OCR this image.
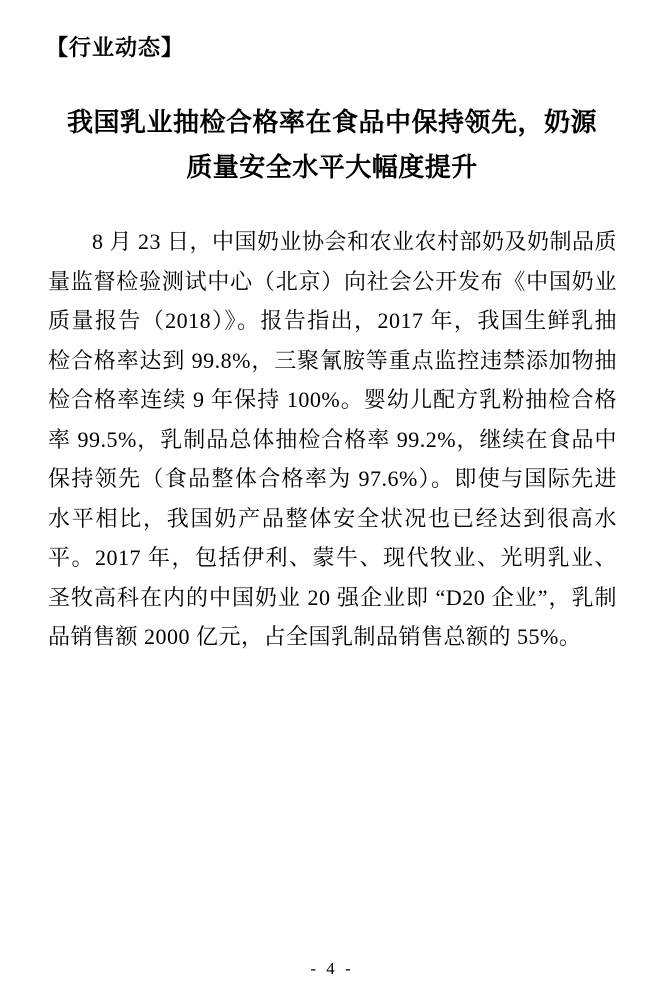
【行业动态】
我国乳业抽检合格率在食品中保持领先，奶源
质量安全水平大幅度提升

8 月 23 日，中国奶业协会和农业农村部奶及奶制品质量监督检验测试中心（北京）向社会公开发布《中国奶业质量报告（2018）》。报告指出，2017 年，我国生鲜乳抽检合格率达到 99.8%，三聚氰胺等重点监控违禁添加物抽检合格率连续 9 年保持 100%。婴幼儿配方乳粉抽检合格率 99.5%，乳制品总体抽检合格率 99.2%，继续在食品中保持领先（食品整体合格率为 97.6%）。即使与国际先进水平相比，我国奶产品整体安全状况也已经达到很高水平。2017 年，包括伊利、蒙牛、现代牧业、光明乳业、圣牧高科在内的中国奶业 20 强企业即 “D20 企业”，乳制品销售额 2000 亿元，占全国乳制品销售总额的 55%。

- 4 -
